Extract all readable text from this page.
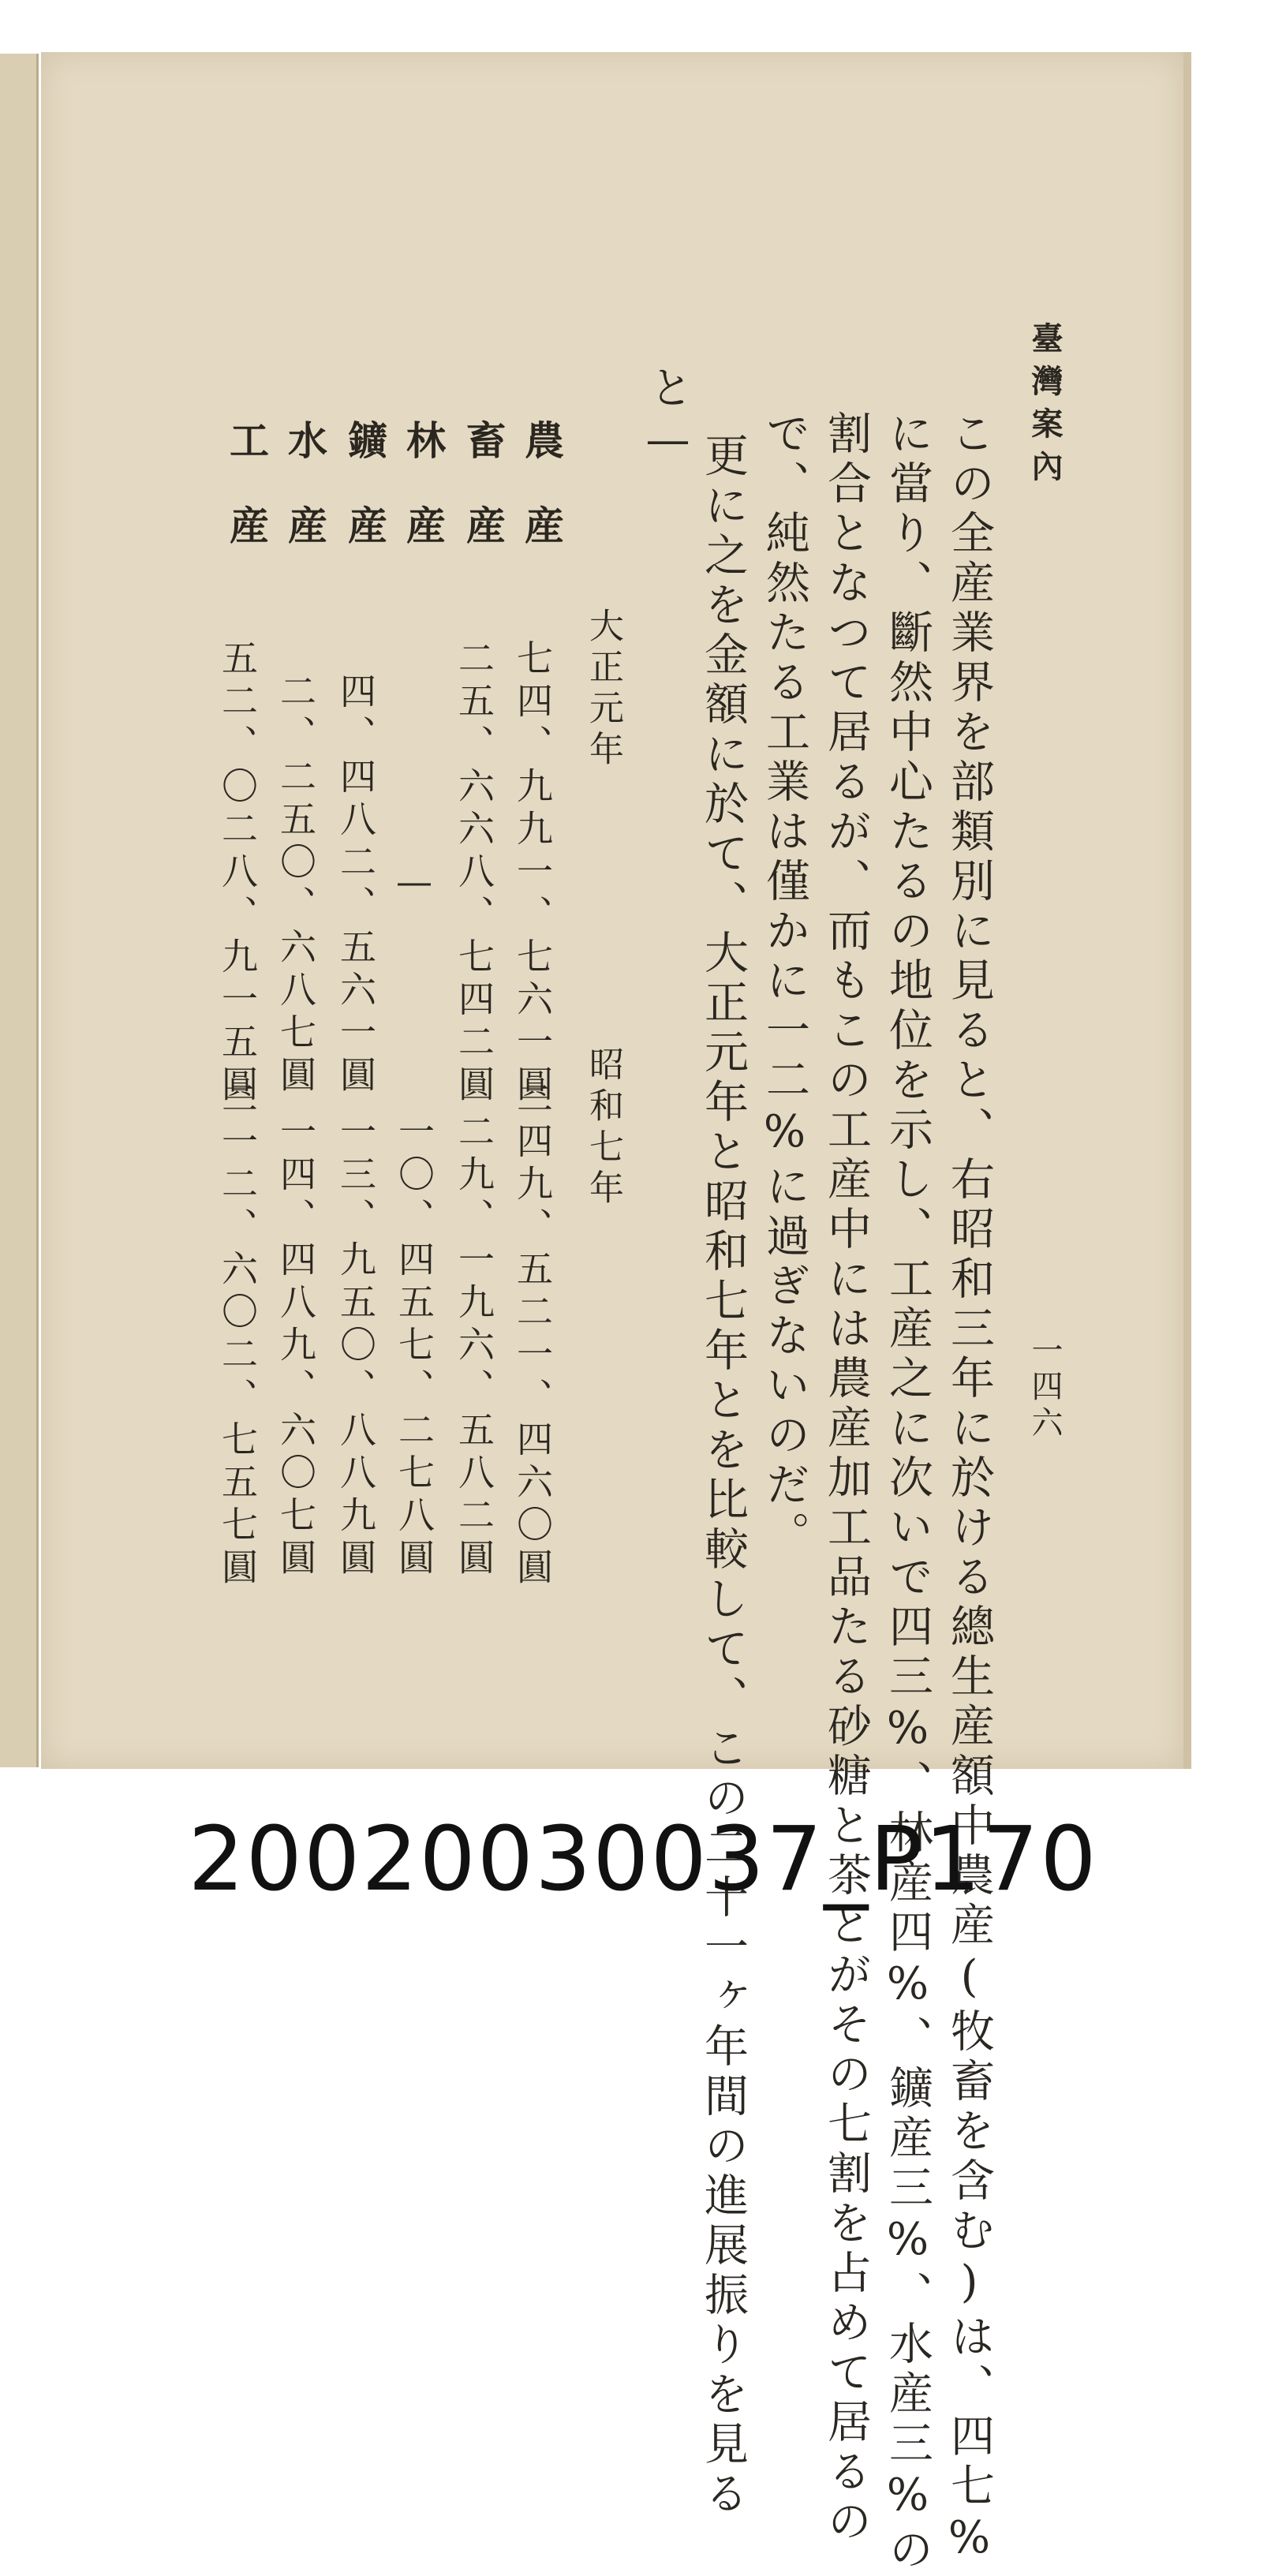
臺灣案內
一四六
この全産業界を部類別に見ると、右昭和三年に於ける總生産額中農産(牧畜を含む)は、四七%
に當り、斷然中心たるの地位を示し、工産之に次いで四三%、林産四%、鑛産三%、水産三%の
割合となつて居るが、而もこの工産中には農産加工品たる砂糖と茶とがその七割を占めて居るの
で、純然たる工業は僅かに一二%に過ぎないのだ。
更に之を金額に於て、大正元年と昭和七年とを比較して、この二十一ヶ年間の進展振りを見る
と—
大正元年
昭和七年
農産
七四、九九一、七六一圓
二四九、五二一、四六〇圓
畜産
二五、六六八、七四二圓
二九、一九六、五八二圓
林産
—
一〇、四五七、二七八圓
鑛産
四、四八二、五六一圓
一三、九五〇、八八九圓
水産
二、二五〇、六八七圓
一四、四八九、六〇七圓
工産
五二、〇二八、九一五圓
二一二、六〇二、七五七圓
20020030037_P170
